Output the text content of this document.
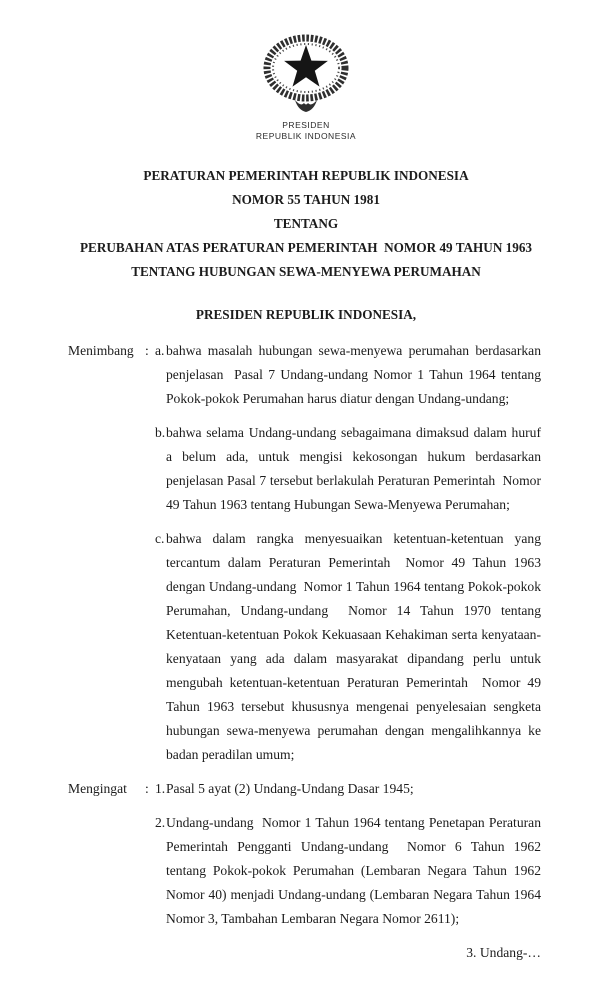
PRESIDEN
REPUBLIK INDONESIA
PERATURAN PEMERINTAH REPUBLIK INDONESIA
NOMOR 55 TAHUN 1981
TENTANG
PERUBAHAN ATAS PERATURAN PEMERINTAH  NOMOR 49 TAHUN 1963
TENTANG HUBUNGAN SEWA-MENYEWA PERUMAHAN
PRESIDEN REPUBLIK INDONESIA,
Menimbang : a. bahwa masalah hubungan sewa-menyewa perumahan berdasarkan penjelasan  Pasal 7 Undang-undang Nomor 1 Tahun 1964 tentang Pokok-pokok Perumahan harus diatur dengan Undang-undang;
b. bahwa selama Undang-undang sebagaimana dimaksud dalam huruf a belum ada, untuk mengisi kekosongan hukum berdasarkan penjelasan Pasal 7 tersebut berlakulah Peraturan Pemerintah  Nomor 49 Tahun 1963 tentang Hubungan Sewa-Menyewa Perumahan;
c. bahwa dalam rangka menyesuaikan ketentuan-ketentuan yang tercantum dalam Peraturan Pemerintah  Nomor 49 Tahun 1963 dengan Undang-undang  Nomor 1 Tahun 1964 tentang Pokok-pokok Perumahan, Undang-undang  Nomor 14 Tahun 1970 tentang Ketentuan-ketentuan Pokok Kekuasaan Kehakiman serta kenyataan-kenyataan yang ada dalam masyarakat dipandang perlu untuk mengubah ketentuan-ketentuan Peraturan Pemerintah  Nomor 49 Tahun 1963 tersebut khususnya mengenai penyelesaian sengketa hubungan sewa-menyewa perumahan dengan mengalihkannya ke badan peradilan umum;
Mengingat	: 1. Pasal 5 ayat (2) Undang-Undang Dasar 1945;
2. Undang-undang  Nomor 1 Tahun 1964 tentang Penetapan Peraturan Pemerintah Pengganti Undang-undang  Nomor 6 Tahun 1962 tentang Pokok-pokok Perumahan (Lembaran Negara Tahun 1962 Nomor 40) menjadi Undang-undang (Lembaran Negara Tahun 1964 Nomor 3, Tambahan Lembaran Negara Nomor 2611);
3. Undang-…
